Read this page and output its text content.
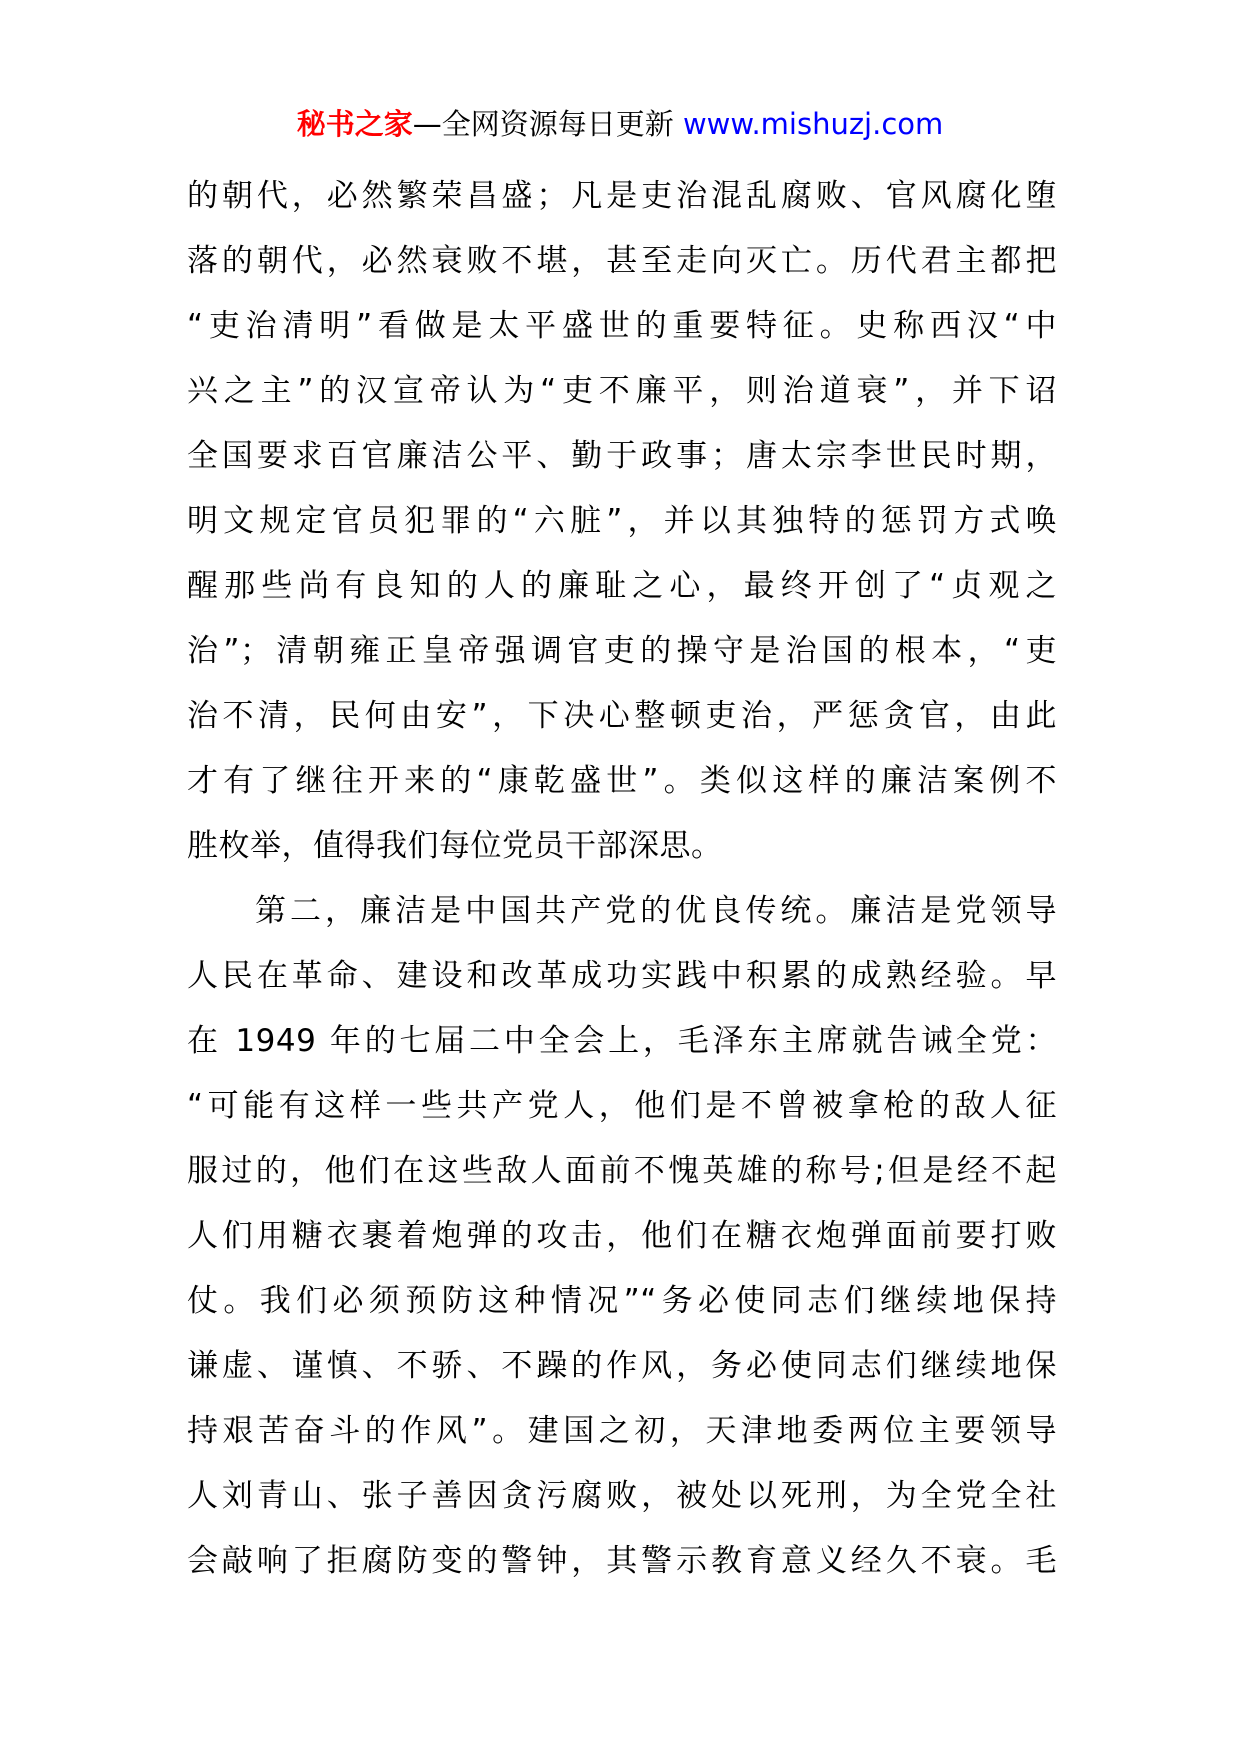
秘书之家—全网资源每日更新 www.mishuzj.com
的朝代，必然繁荣昌盛；凡是吏治混乱腐败、官风腐化堕
落的朝代，必然衰败不堪，甚至走向灭亡。历代君主都把
“吏治清明”看做是太平盛世的重要特征。史称西汉“中
兴之主”的汉宣帝认为“吏不廉平，则治道衰”，并下诏
全国要求百官廉洁公平、勤于政事；唐太宗李世民时期，
明文规定官员犯罪的“六脏”，并以其独特的惩罚方式唤
醒那些尚有良知的人的廉耻之心，最终开创了“贞观之
治”；清朝雍正皇帝强调官吏的操守是治国的根本，“吏
治不清，民何由安”，下决心整顿吏治，严惩贪官，由此
才有了继往开来的“康乾盛世”。类似这样的廉洁案例不
胜枚举，值得我们每位党员干部深思。
第二，廉洁是中国共产党的优良传统。廉洁是党领导
人民在革命、建设和改革成功实践中积累的成熟经验。早
在 1949 年的七届二中全会上，毛泽东主席就告诫全党：
“可能有这样一些共产党人，他们是不曾被拿枪的敌人征
服过的，他们在这些敌人面前不愧英雄的称号;但是经不起
人们用糖衣裹着炮弹的攻击，他们在糖衣炮弹面前要打败
仗。我们必须预防这种情况”“务必使同志们继续地保持
谦虚、谨慎、不骄、不躁的作风，务必使同志们继续地保
持艰苦奋斗的作风”。建国之初，天津地委两位主要领导
人刘青山、张子善因贪污腐败，被处以死刑，为全党全社
会敲响了拒腐防变的警钟，其警示教育意义经久不衰。毛
